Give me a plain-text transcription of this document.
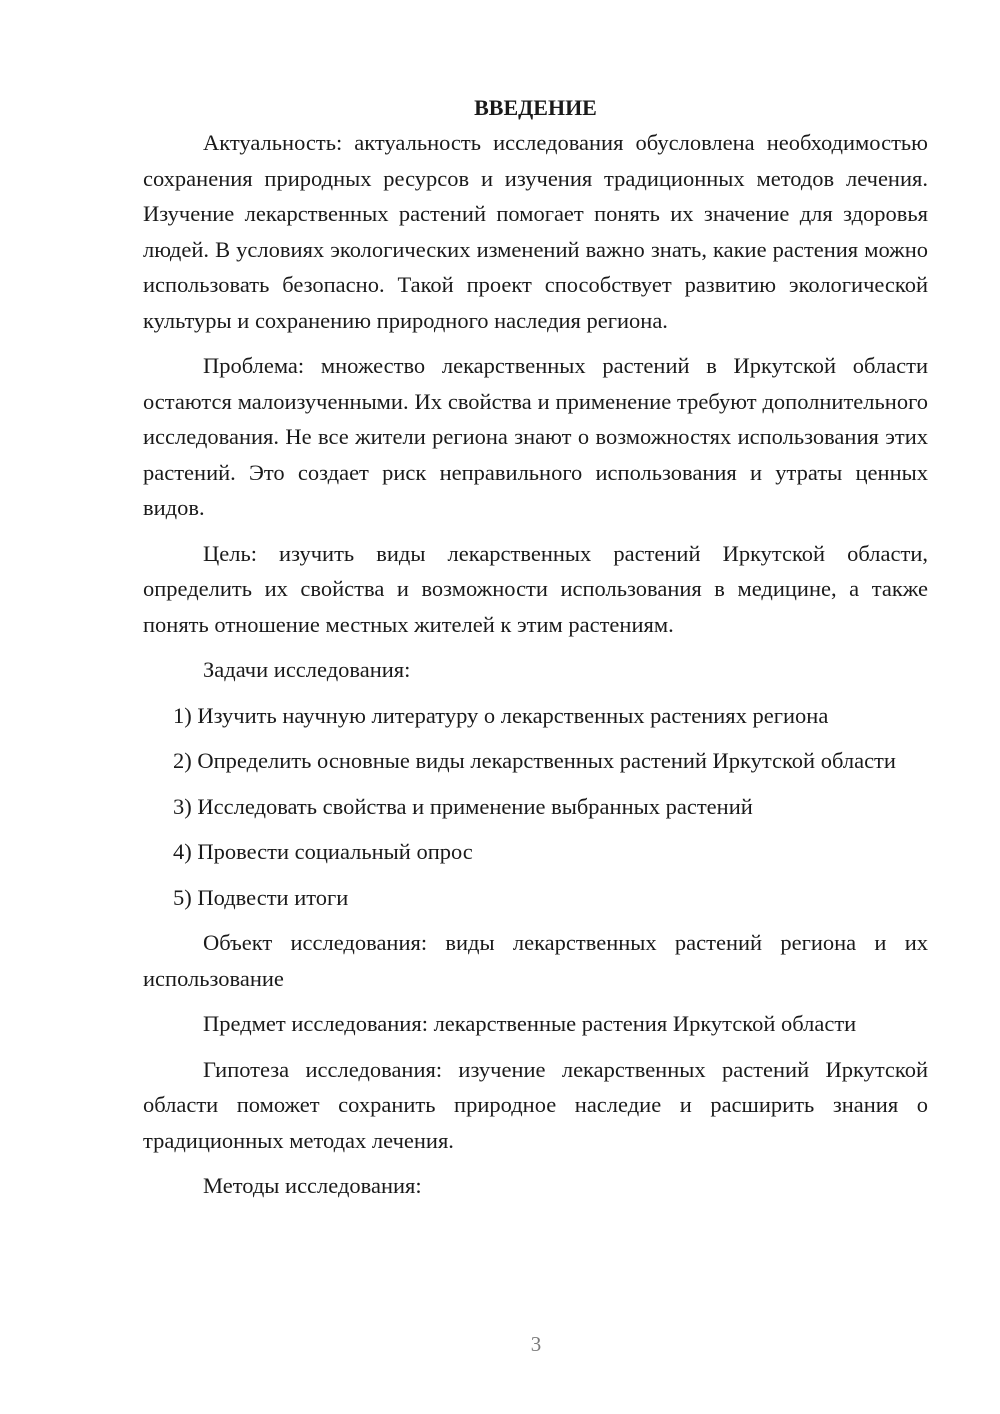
ВВЕДЕНИЕ

Актуальность: актуальность исследования обусловлена необходимостью сохранения природных ресурсов и изучения традиционных методов лечения. Изучение лекарственных растений помогает понять их значение для здоровья людей. В условиях экологических изменений важно знать, какие растения можно использовать безопасно. Такой проект способствует развитию экологической культуры и сохранению природного наследия региона.

Проблема: множество лекарственных растений в Иркутской области остаются малоизученными. Их свойства и применение требуют дополнительного исследования. Не все жители региона знают о возможностях использования этих растений. Это создает риск неправильного использования и утраты ценных видов.

Цель: изучить виды лекарственных растений Иркутской области, определить их свойства и возможности использования в медицине, а также понять отношение местных жителей к этим растениям.

Задачи исследования:

1) Изучить научную литературу о лекарственных растениях региона

2) Определить основные виды лекарственных растений Иркутской области

3) Исследовать свойства и применение выбранных растений

4) Провести социальный опрос

5) Подвести итоги

Объект исследования: виды лекарственных растений региона и их использование

Предмет исследования: лекарственные растения Иркутской области

Гипотеза исследования: изучение лекарственных растений Иркутской области поможет сохранить природное наследие и расширить знания о традиционных методах лечения.

Методы исследования:

3
